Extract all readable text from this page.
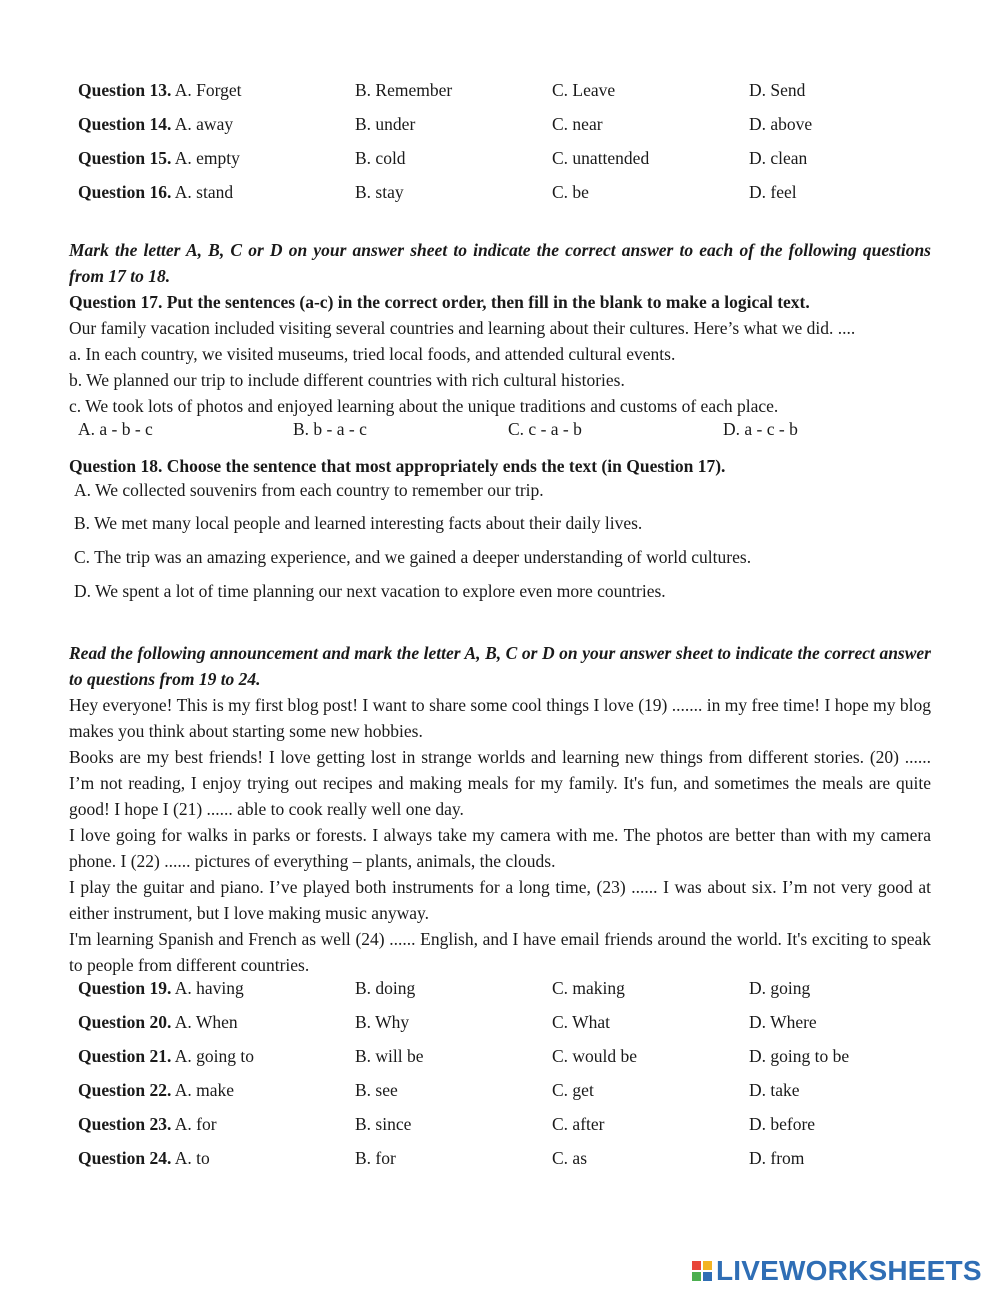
Question 13. A. Forget	B. Remember	C. Leave	D. Send
Question 14. A. away	B. under	C. near	D. above
Question 15. A. empty	B. cold	C. unattended	D. clean
Question 16. A. stand	B. stay	C. be	D. feel
Mark the letter A, B, C or D on your answer sheet to indicate the correct answer to each of the following questions from 17 to 18.
Question 17. Put the sentences (a-c) in the correct order, then fill in the blank to make a logical text.
Our family vacation included visiting several countries and learning about their cultures. Here’s what we did. ....
a. In each country, we visited museums, tried local foods, and attended cultural events.
b. We planned our trip to include different countries with rich cultural histories.
c. We took lots of photos and enjoyed learning about the unique traditions and customs of each place.
A. a - b - c	B. b - a - c	C. c - a - b	D. a - c - b
Question 18. Choose the sentence that most appropriately ends the text (in Question 17).
A. We collected souvenirs from each country to remember our trip.
B. We met many local people and learned interesting facts about their daily lives.
C. The trip was an amazing experience, and we gained a deeper understanding of world cultures.
D. We spent a lot of time planning our next vacation to explore even more countries.
Read the following announcement and mark the letter A, B, C or D on your answer sheet to indicate the correct answer to questions from 19 to 24.
Hey everyone! This is my first blog post! I want to share some cool things I love (19) ....... in my free time! I hope my blog makes you think about starting some new hobbies.
Books are my best friends! I love getting lost in strange worlds and learning new things from different stories. (20) ...... I’m not reading, I enjoy trying out recipes and making meals for my family. It's fun, and sometimes the meals are quite good! I hope I (21) ...... able to cook really well one day.
I love going for walks in parks or forests. I always take my camera with me. The photos are better than with my camera phone. I (22) ...... pictures of everything – plants, animals, the clouds.
I play the guitar and piano. I’ve played both instruments for a long time, (23) ...... I was about six. I’m not very good at either instrument, but I love making music anyway.
I'm learning Spanish and French as well (24) ...... English, and I have email friends around the world. It's exciting to speak to people from different countries.
Question 19. A. having	B. doing	C. making	D. going
Question 20. A. When	B. Why	C. What	D. Where
Question 21. A. going to	B. will be	C. would be	D. going to be
Question 22. A. make	B. see	C. get	D. take
Question 23. A. for	B. since	C. after	D. before
Question 24. A. to	B. for	C. as	D. from
LIVEWORKSHEETS
